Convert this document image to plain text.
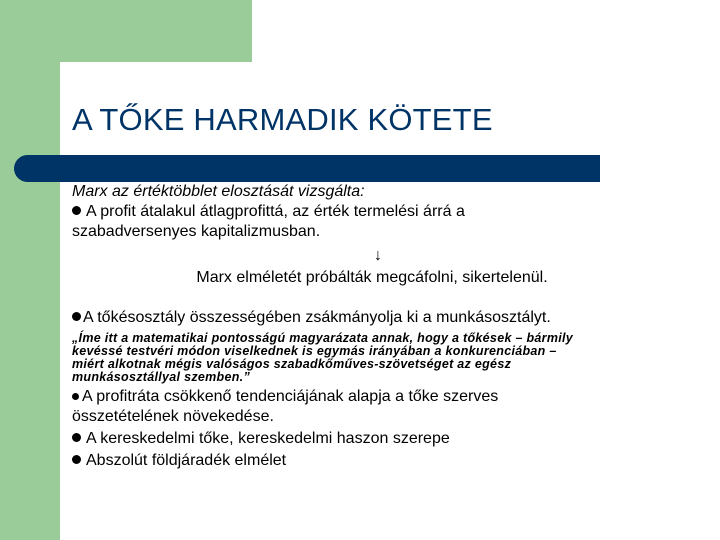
A TŐKE HARMADIK KÖTETE
Marx az értéktöbblet elosztását vizsgálta:
A profit átalakul átlagprofittá, az érték termelési árrá a
szabadversenyes kapitalizmusban.
↓
Marx elméletét próbálták megcáfolni, sikertelenül.
A tőkésosztály összességében zsákmányolja ki a munkásosztályt.
„Íme itt a matematikai pontosságú magyarázata annak, hogy a tőkések – bármily
kevéssé testvéri módon viselkednek is egymás irányában a konkurenciában –
miért alkotnak mégis valóságos szabadkőműves-szövetséget az egész
munkásosztállyal szemben.”
A profitráta csökkenő tendenciájának alapja a tőke szerves
összetételének növekedése.
A kereskedelmi tőke, kereskedelmi haszon szerepe
Abszolút földjáradék elmélet
